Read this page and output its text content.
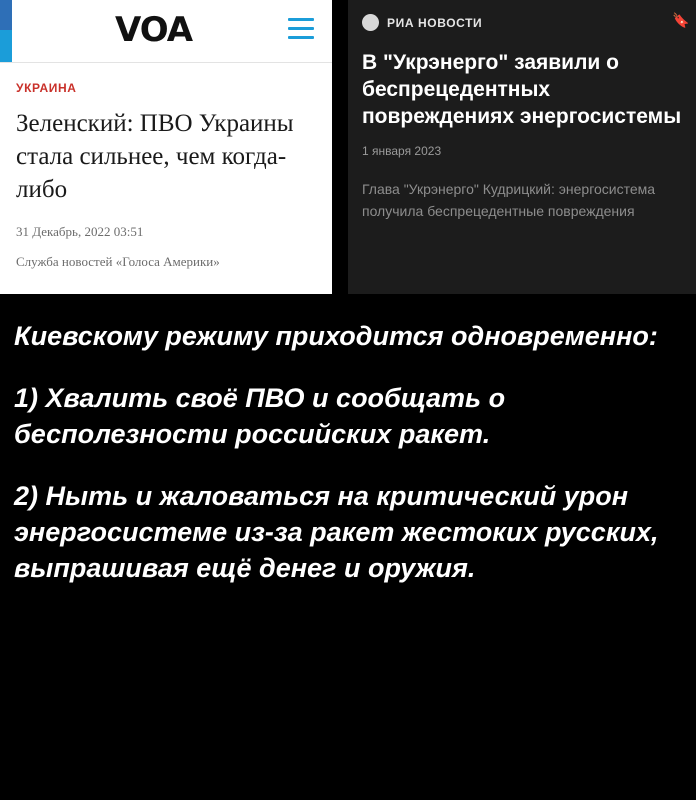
VOA
УКРАИНА
Зеленский: ПВО Украины стала сильнее, чем когда-либо
31 Декабрь, 2022 03:51
Служба новостей «Голоса Америки»
РИА НОВОСТИ	🔖
В "Укрэнерго" заявили о беспрецедентных повреждениях энергосистемы
1 января 2023
Глава "Укрэнерго" Кудрицкий: энергосистема получила беспрецедентные повреждения

Киевскому режиму приходится одновременно:

1) Хвалить своё ПВО и сообщать о бесполезности российских ракет.

2) Ныть и жаловаться на критический урон энергосистеме из-за ракет жестоких русских, выпрашивая ещё денег и оружия.
